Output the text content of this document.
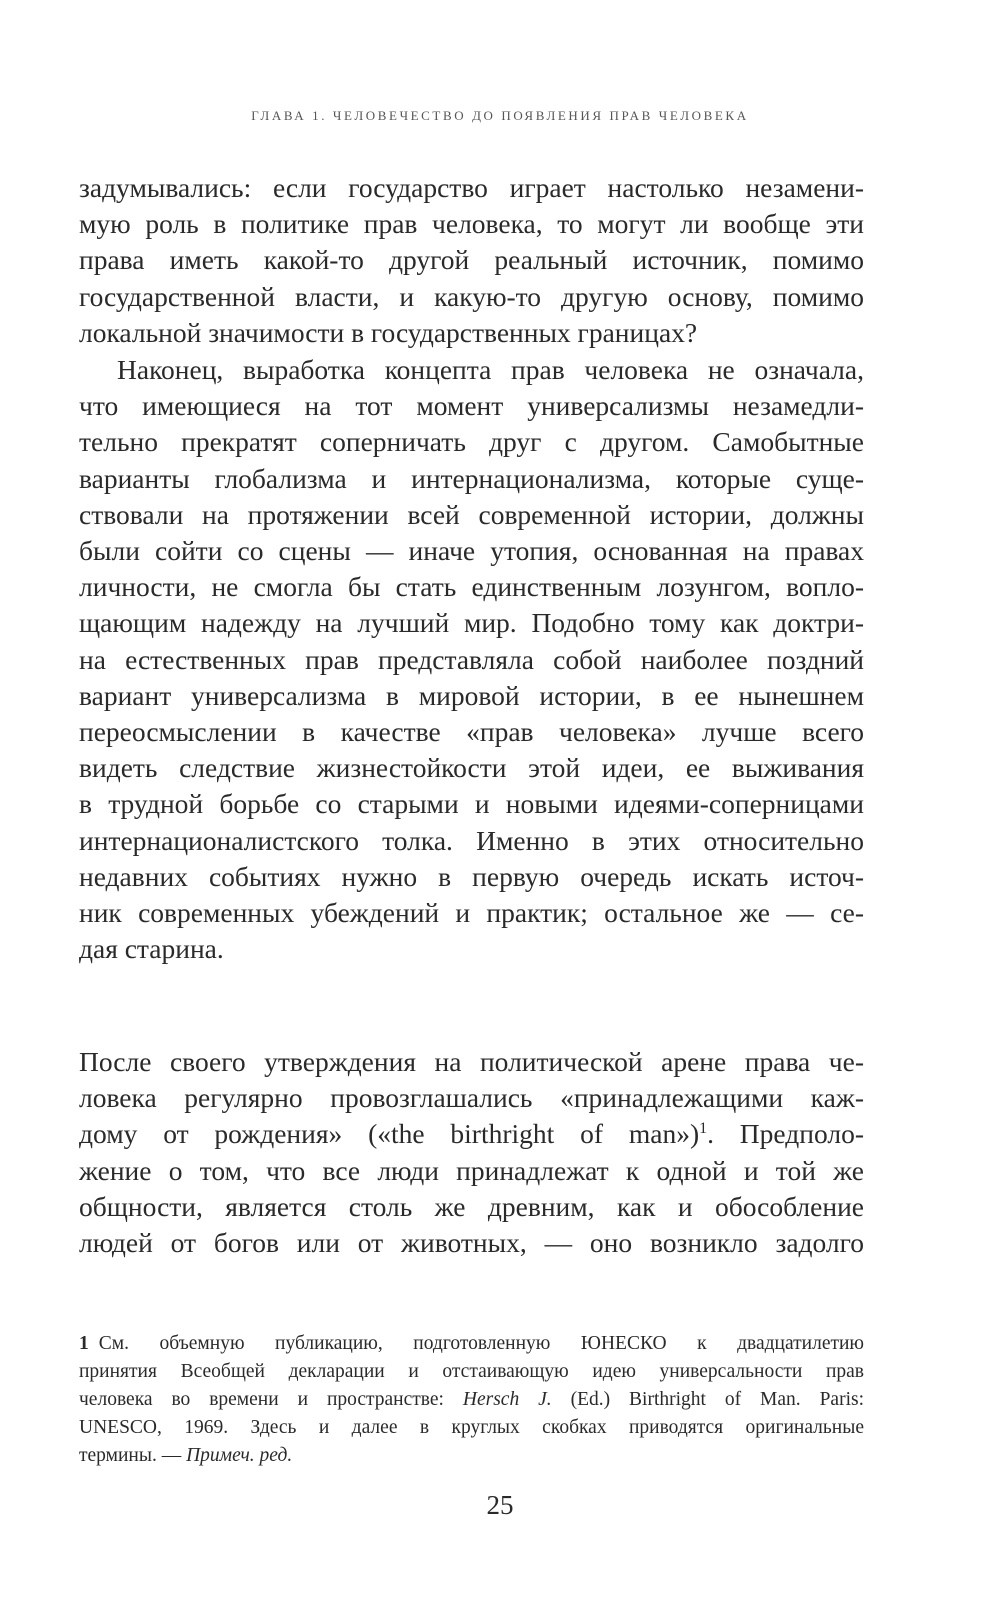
ГЛАВА 1. ЧЕЛОВЕЧЕСТВО ДО ПОЯВЛЕНИЯ ПРАВ ЧЕЛОВЕКА
задумывались: если государство играет настолько незамени-
мую роль в политике прав человека, то могут ли вообще эти
права иметь какой-то другой реальный источник, помимо
государственной власти, и какую-то другую основу, помимо
локальной значимости в государственных границах?
Наконец, выработка концепта прав человека не означала,
что имеющиеся на тот момент универсализмы незамедли-
тельно прекратят соперничать друг с другом. Самобытные
варианты глобализма и интернационализма, которые суще-
ствовали на протяжении всей современной истории, должны
были сойти со сцены — иначе утопия, основанная на правах
личности, не смогла бы стать единственным лозунгом, вопло-
щающим надежду на лучший мир. Подобно тому как доктри-
на естественных прав представляла собой наиболее поздний
вариант универсализма в мировой истории, в ее нынешнем
переосмыслении в качестве «прав человека» лучше всего
видеть следствие жизнестойкости этой идеи, ее выживания
в трудной борьбе со старыми и новыми идеями-соперницами
интернационалистского толка. Именно в этих относительно
недавних событиях нужно в первую очередь искать источ-
ник современных убеждений и практик; остальное же — се-
дая старина.
После своего утверждения на политической арене права че-
ловека регулярно провозглашались «принадлежащими каж-
дому от рождения» («the birthright of man»)$^1$. Предполо-
жение о том, что все люди принадлежат к одной и той же
общности, является столь же древним, как и обособление
людей от богов или от животных, — оно возникло задолго
1 См. объемную публикацию, подготовленную ЮНЕСКО к двадцатилетию
принятия Всеобщей декларации и отстаивающую идею универсальности прав
человека во времени и пространстве: Hersch J. (Ed.) Birthright of Man. Paris:
UNESCO, 1969. Здесь и далее в круглых скобках приводятся оригинальные
термины. — Примеч. ред.
25
